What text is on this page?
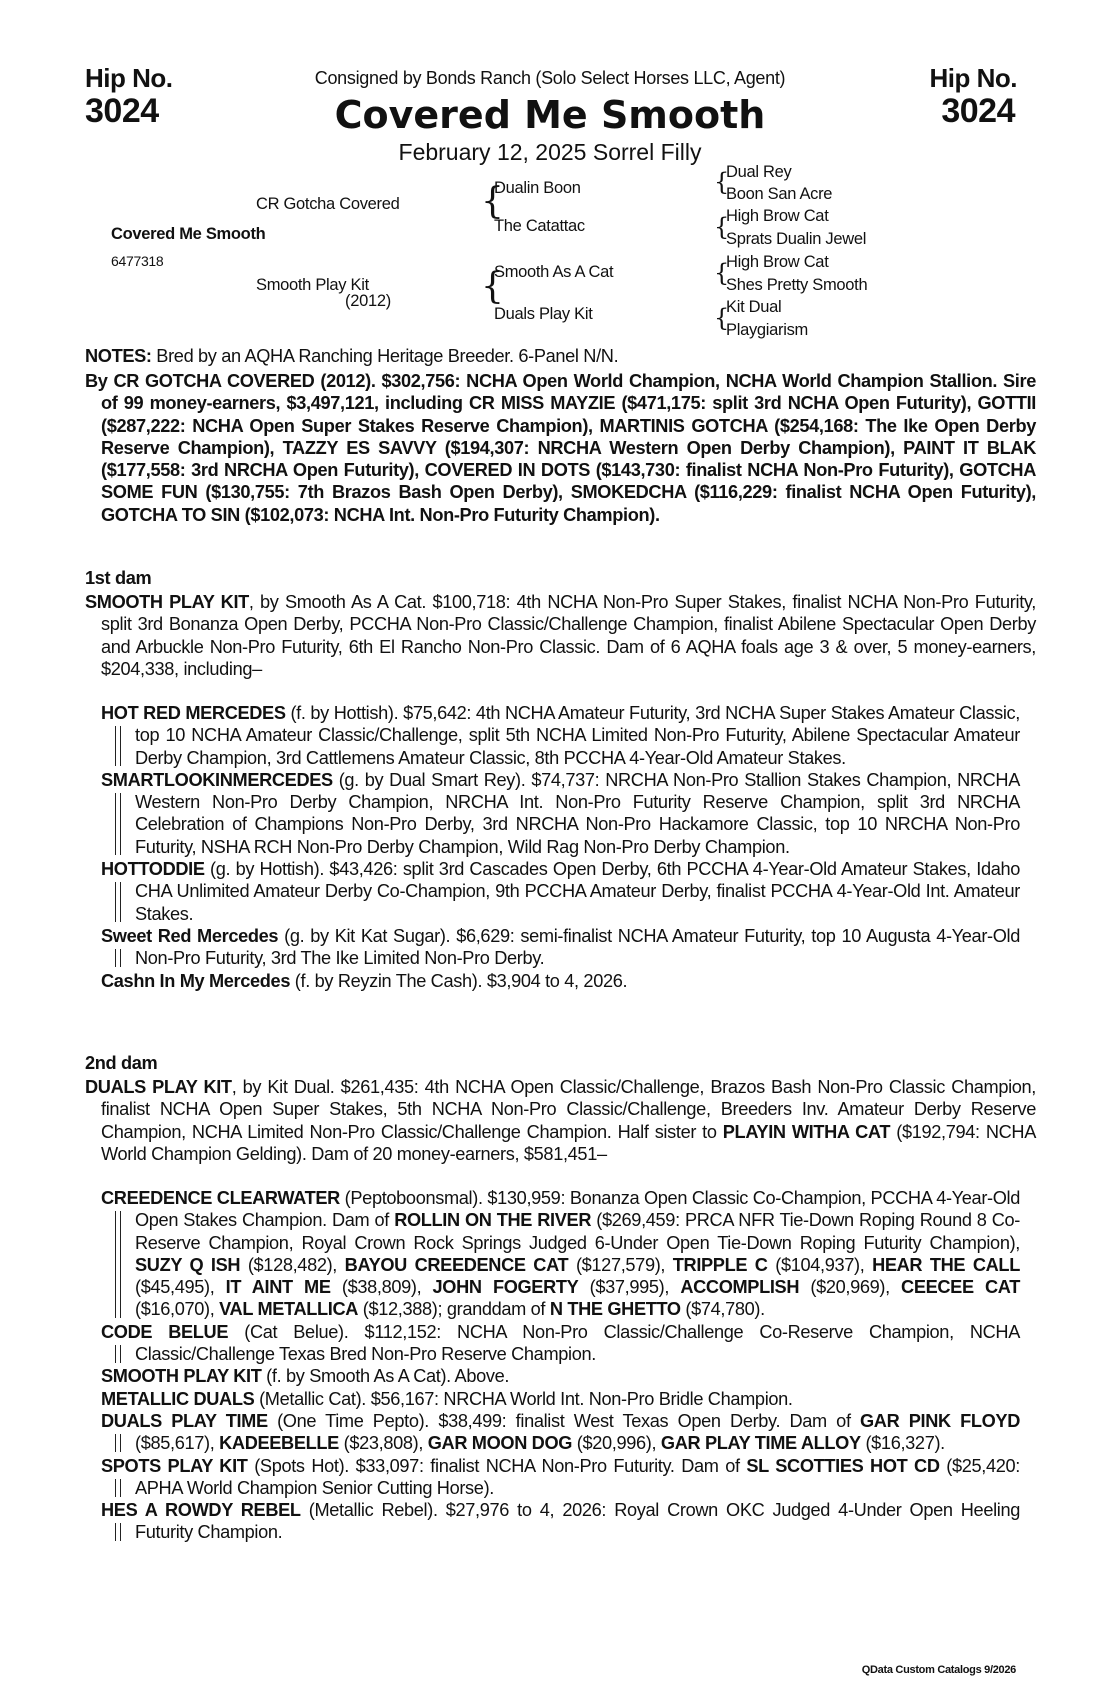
Hip No.
3024
Hip No.
3024
Consigned by Bonds Ranch (Solo Select Horses LLC, Agent)
Covered Me Smooth
February 12, 2025 Sorrel Filly
Covered Me Smooth
6477318
CR Gotcha Covered
Smooth Play Kit
(2012)
{
Dualin Boon
The Catattac
{
Smooth As A Cat
Duals Play Kit
{
Dual Rey
Boon San Acre
{
High Brow Cat
Sprats Dualin Jewel
{
High Brow Cat
Shes Pretty Smooth
{
Kit Dual
Playgiarism
NOTES: Bred by an AQHA Ranching Heritage Breeder. 6-Panel N/N.
By CR GOTCHA COVERED (2012). $302,756: NCHA Open World Champion, NCHA World Champion Stallion. Sire of 99 money-earners, $3,497,121, including CR MISS MAYZIE ($471,175: split 3rd NCHA Open Futurity), GOTTII ($287,222: NCHA Open Super Stakes Reserve Champion), MARTINIS GOTCHA ($254,168: The Ike Open Derby Reserve Champion), TAZZY ES SAVVY ($194,307: NRCHA Western Open Derby Champion), PAINT IT BLAK ($177,558: 3rd NRCHA Open Futurity), COVERED IN DOTS ($143,730: finalist NCHA Non-Pro Futurity), GOTCHA SOME FUN ($130,755: 7th Brazos Bash Open Derby), SMOKEDCHA ($116,229: finalist NCHA Open Futurity), GOTCHA TO SIN ($102,073: NCHA Int. Non-Pro Futurity Champion).
1st dam
SMOOTH PLAY KIT, by Smooth As A Cat. $100,718: 4th NCHA Non-Pro Super Stakes, finalist NCHA Non-Pro Futurity, split 3rd Bonanza Open Derby, PCCHA Non-Pro Classic/Challenge Champion, finalist Abilene Spectacular Open Derby and Arbuckle Non-Pro Futurity, 6th El Rancho Non-Pro Classic. Dam of 6 AQHA foals age 3 & over, 5 money-earners, $204,338, including–

HOT RED MERCEDES (f. by Hottish). $75,642: 4th NCHA Amateur Futurity, 3rd NCHA Super Stakes Amateur Classic, top 10 NCHA Amateur Classic/Challenge, split 5th NCHA Limited Non-Pro Futurity, Abilene Spectacular Amateur Derby Champion, 3rd Cattlemens Amateur Classic, 8th PCCHA 4-Year-Old Amateur Stakes.

SMARTLOOKINMERCEDES (g. by Dual Smart Rey). $74,737: NRCHA Non-Pro Stallion Stakes Champion, NRCHA Western Non-Pro Derby Champion, NRCHA Int. Non-Pro Futurity Reserve Champion, split 3rd NRCHA Celebration of Champions Non-Pro Derby, 3rd NRCHA Non-Pro Hackamore Classic, top 10 NRCHA Non-Pro Futurity, NSHA RCH Non-Pro Derby Champion, Wild Rag Non-Pro Derby Champion.

HOTTODDIE (g. by Hottish). $43,426: split 3rd Cascades Open Derby, 6th PCCHA 4-Year-Old Amateur Stakes, Idaho CHA Unlimited Amateur Derby Co-Champion, 9th PCCHA Amateur Derby, finalist PCCHA 4-Year-Old Int. Amateur Stakes.

Sweet Red Mercedes (g. by Kit Kat Sugar). $6,629: semi-finalist NCHA Amateur Futurity, top 10 Augusta 4-Year-Old Non-Pro Futurity, 3rd The Ike Limited Non-Pro Derby.

Cashn In My Mercedes (f. by Reyzin The Cash). $3,904 to 4, 2026.

2nd dam
DUALS PLAY KIT, by Kit Dual. $261,435: 4th NCHA Open Classic/Challenge, Brazos Bash Non-Pro Classic Champion, finalist NCHA Open Super Stakes, 5th NCHA Non-Pro Classic/Challenge, Breeders Inv. Amateur Derby Reserve Champion, NCHA Limited Non-Pro Classic/Challenge Champion. Half sister to PLAYIN WITHA CAT ($192,794: NCHA World Champion Gelding). Dam of 20 money-earners, $581,451–

CREEDENCE CLEARWATER (Peptoboonsmal). $130,959: Bonanza Open Classic Co-Champion, PCCHA 4-Year-Old Open Stakes Champion. Dam of ROLLIN ON THE RIVER ($269,459: PRCA NFR Tie-Down Roping Round 8 Co-Reserve Champion, Royal Crown Rock Springs Judged 6-Under Open Tie-Down Roping Futurity Champion), SUZY Q ISH ($128,482), BAYOU CREEDENCE CAT ($127,579), TRIPPLE C ($104,937), HEAR THE CALL ($45,495), IT AINT ME ($38,809), JOHN FOGERTY ($37,995), ACCOMPLISH ($20,969), CEECEE CAT ($16,070), VAL METALLICA ($12,388); granddam of N THE GHETTO ($74,780).

CODE BELUE (Cat Belue). $112,152: NCHA Non-Pro Classic/Challenge Co-Reserve Champion, NCHA Classic/Challenge Texas Bred Non-Pro Reserve Champion.

SMOOTH PLAY KIT (f. by Smooth As A Cat). Above.

METALLIC DUALS (Metallic Cat). $56,167: NRCHA World Int. Non-Pro Bridle Champion.

DUALS PLAY TIME (One Time Pepto). $38,499: finalist West Texas Open Derby. Dam of GAR PINK FLOYD ($85,617), KADEEBELLE ($23,808), GAR MOON DOG ($20,996), GAR PLAY TIME ALLOY ($16,327).

SPOTS PLAY KIT (Spots Hot). $33,097: finalist NCHA Non-Pro Futurity. Dam of SL SCOTTIES HOT CD ($25,420: APHA World Champion Senior Cutting Horse).

HES A ROWDY REBEL (Metallic Rebel). $27,976 to 4, 2026: Royal Crown OKC Judged 4-Under Open Heeling Futurity Champion.

QData Custom Catalogs 9/2026
